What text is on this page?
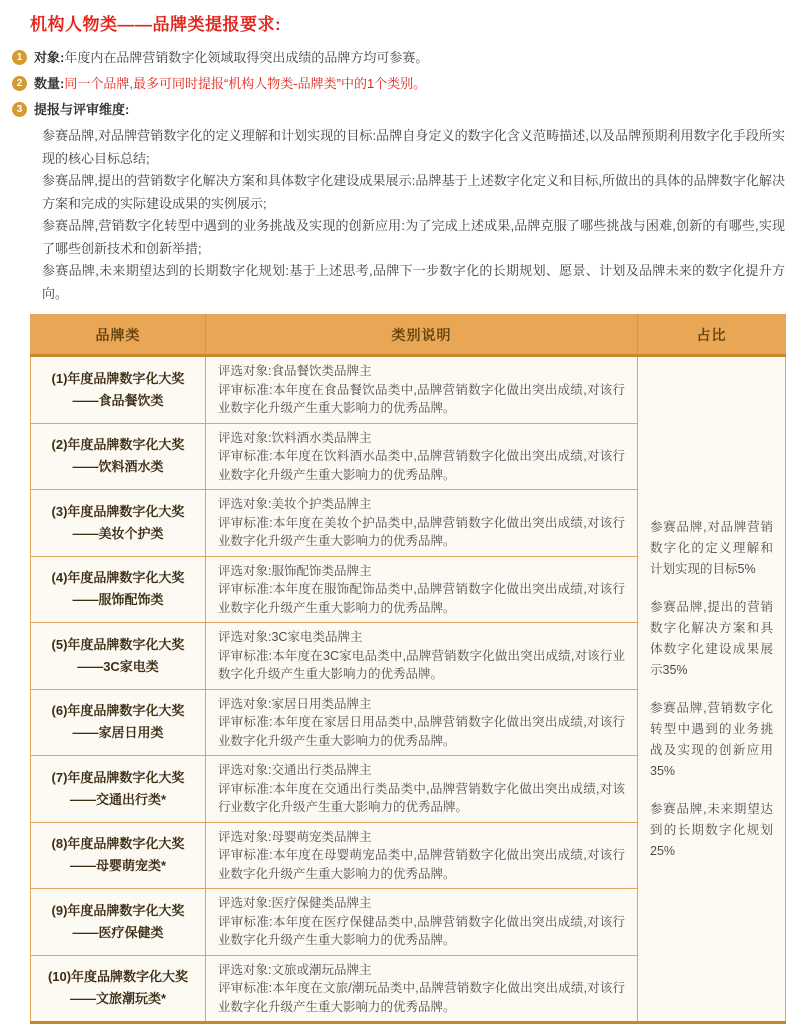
机构人物类——品牌类提报要求:
1 对象:年度内在品牌营销数字化领域取得突出成绩的品牌方均可参赛。
2 数量:同一个品牌,最多可同时提报“机构人物类-品牌类”中的1个类别。
3 提报与评审维度:

参赛品牌,对品牌营销数字化的定义理解和计划实现的目标:品牌自身定义的数字化含义范畴描述,以及品牌预期利用数字化手段所实现的核心目标总结;

参赛品牌,提出的营销数字化解决方案和具体数字化建设成果展示:品牌基于上述数字化定义和目标,所做出的具体的品牌数字化解决方案和完成的实际建设成果的实例展示;

参赛品牌,营销数字化转型中遇到的业务挑战及实现的创新应用:为了完成上述成果,品牌克服了哪些挑战与困难,创新的有哪些,实现了哪些创新技术和创新举措;

参赛品牌,未来期望达到的长期数字化规划:基于上述思考,品牌下一步数字化的长期规划、愿景、计划及品牌未来的数字化提升方向。

品牌类	类别说明	占比

(1)年度品牌数字化大奖
——食品餐饮类

评选对象:食品餐饮类品牌主
评审标准:本年度在食品餐饮品类中,品牌营销数字化做出突出成绩,对该行业数字化升级产生重大影响力的优秀品牌。

参赛品牌,对品牌营销数字化的定义理解和计划实现的目标5%

参赛品牌,提出的营销数字化解决方案和具体数字化建设成果展示35%

参赛品牌,营销数字化转型中遇到的业务挑战及实现的创新应用35%

参赛品牌,未来期望达到的长期数字化规划25%

(2)年度品牌数字化大奖
——饮料酒水类

评选对象:饮料酒水类品牌主
评审标准:本年度在饮料酒水品类中,品牌营销数字化做出突出成绩,对该行业数字化升级产生重大影响力的优秀品牌。

(3)年度品牌数字化大奖
——美妆个护类

评选对象:美妆个护类品牌主
评审标准:本年度在美妆个护品类中,品牌营销数字化做出突出成绩,对该行业数字化升级产生重大影响力的优秀品牌。

(4)年度品牌数字化大奖
——服饰配饰类

评选对象:服饰配饰类品牌主
评审标准:本年度在服饰配饰品类中,品牌营销数字化做出突出成绩,对该行业数字化升级产生重大影响力的优秀品牌。

(5)年度品牌数字化大奖
——3C家电类

评选对象:3C家电类品牌主
评审标准:本年度在3C家电品类中,品牌营销数字化做出突出成绩,对该行业数字化升级产生重大影响力的优秀品牌。

(6)年度品牌数字化大奖
——家居日用类

评选对象:家居日用类品牌主
评审标准:本年度在家居日用品类中,品牌营销数字化做出突出成绩,对该行业数字化升级产生重大影响力的优秀品牌。

(7)年度品牌数字化大奖
——交通出行类*

评选对象:交通出行类品牌主
评审标准:本年度在交通出行类品类中,品牌营销数字化做出突出成绩,对该行业数字化升级产生重大影响力的优秀品牌。

(8)年度品牌数字化大奖
——母婴萌宠类*

评选对象:母婴萌宠类品牌主
评审标准:本年度在母婴萌宠品类中,品牌营销数字化做出突出成绩,对该行业数字化升级产生重大影响力的优秀品牌。

(9)年度品牌数字化大奖
——医疗保健类

评选对象:医疗保健类品牌主
评审标准:本年度在医疗保健品类中,品牌营销数字化做出突出成绩,对该行业数字化升级产生重大影响力的优秀品牌。

(10)年度品牌数字化大奖
——文旅潮玩类*

评选对象:文旅或潮玩品牌主
评审标准:本年度在文旅/潮玩品类中,品牌营销数字化做出突出成绩,对该行业数字化升级产生重大影响力的优秀品牌。
